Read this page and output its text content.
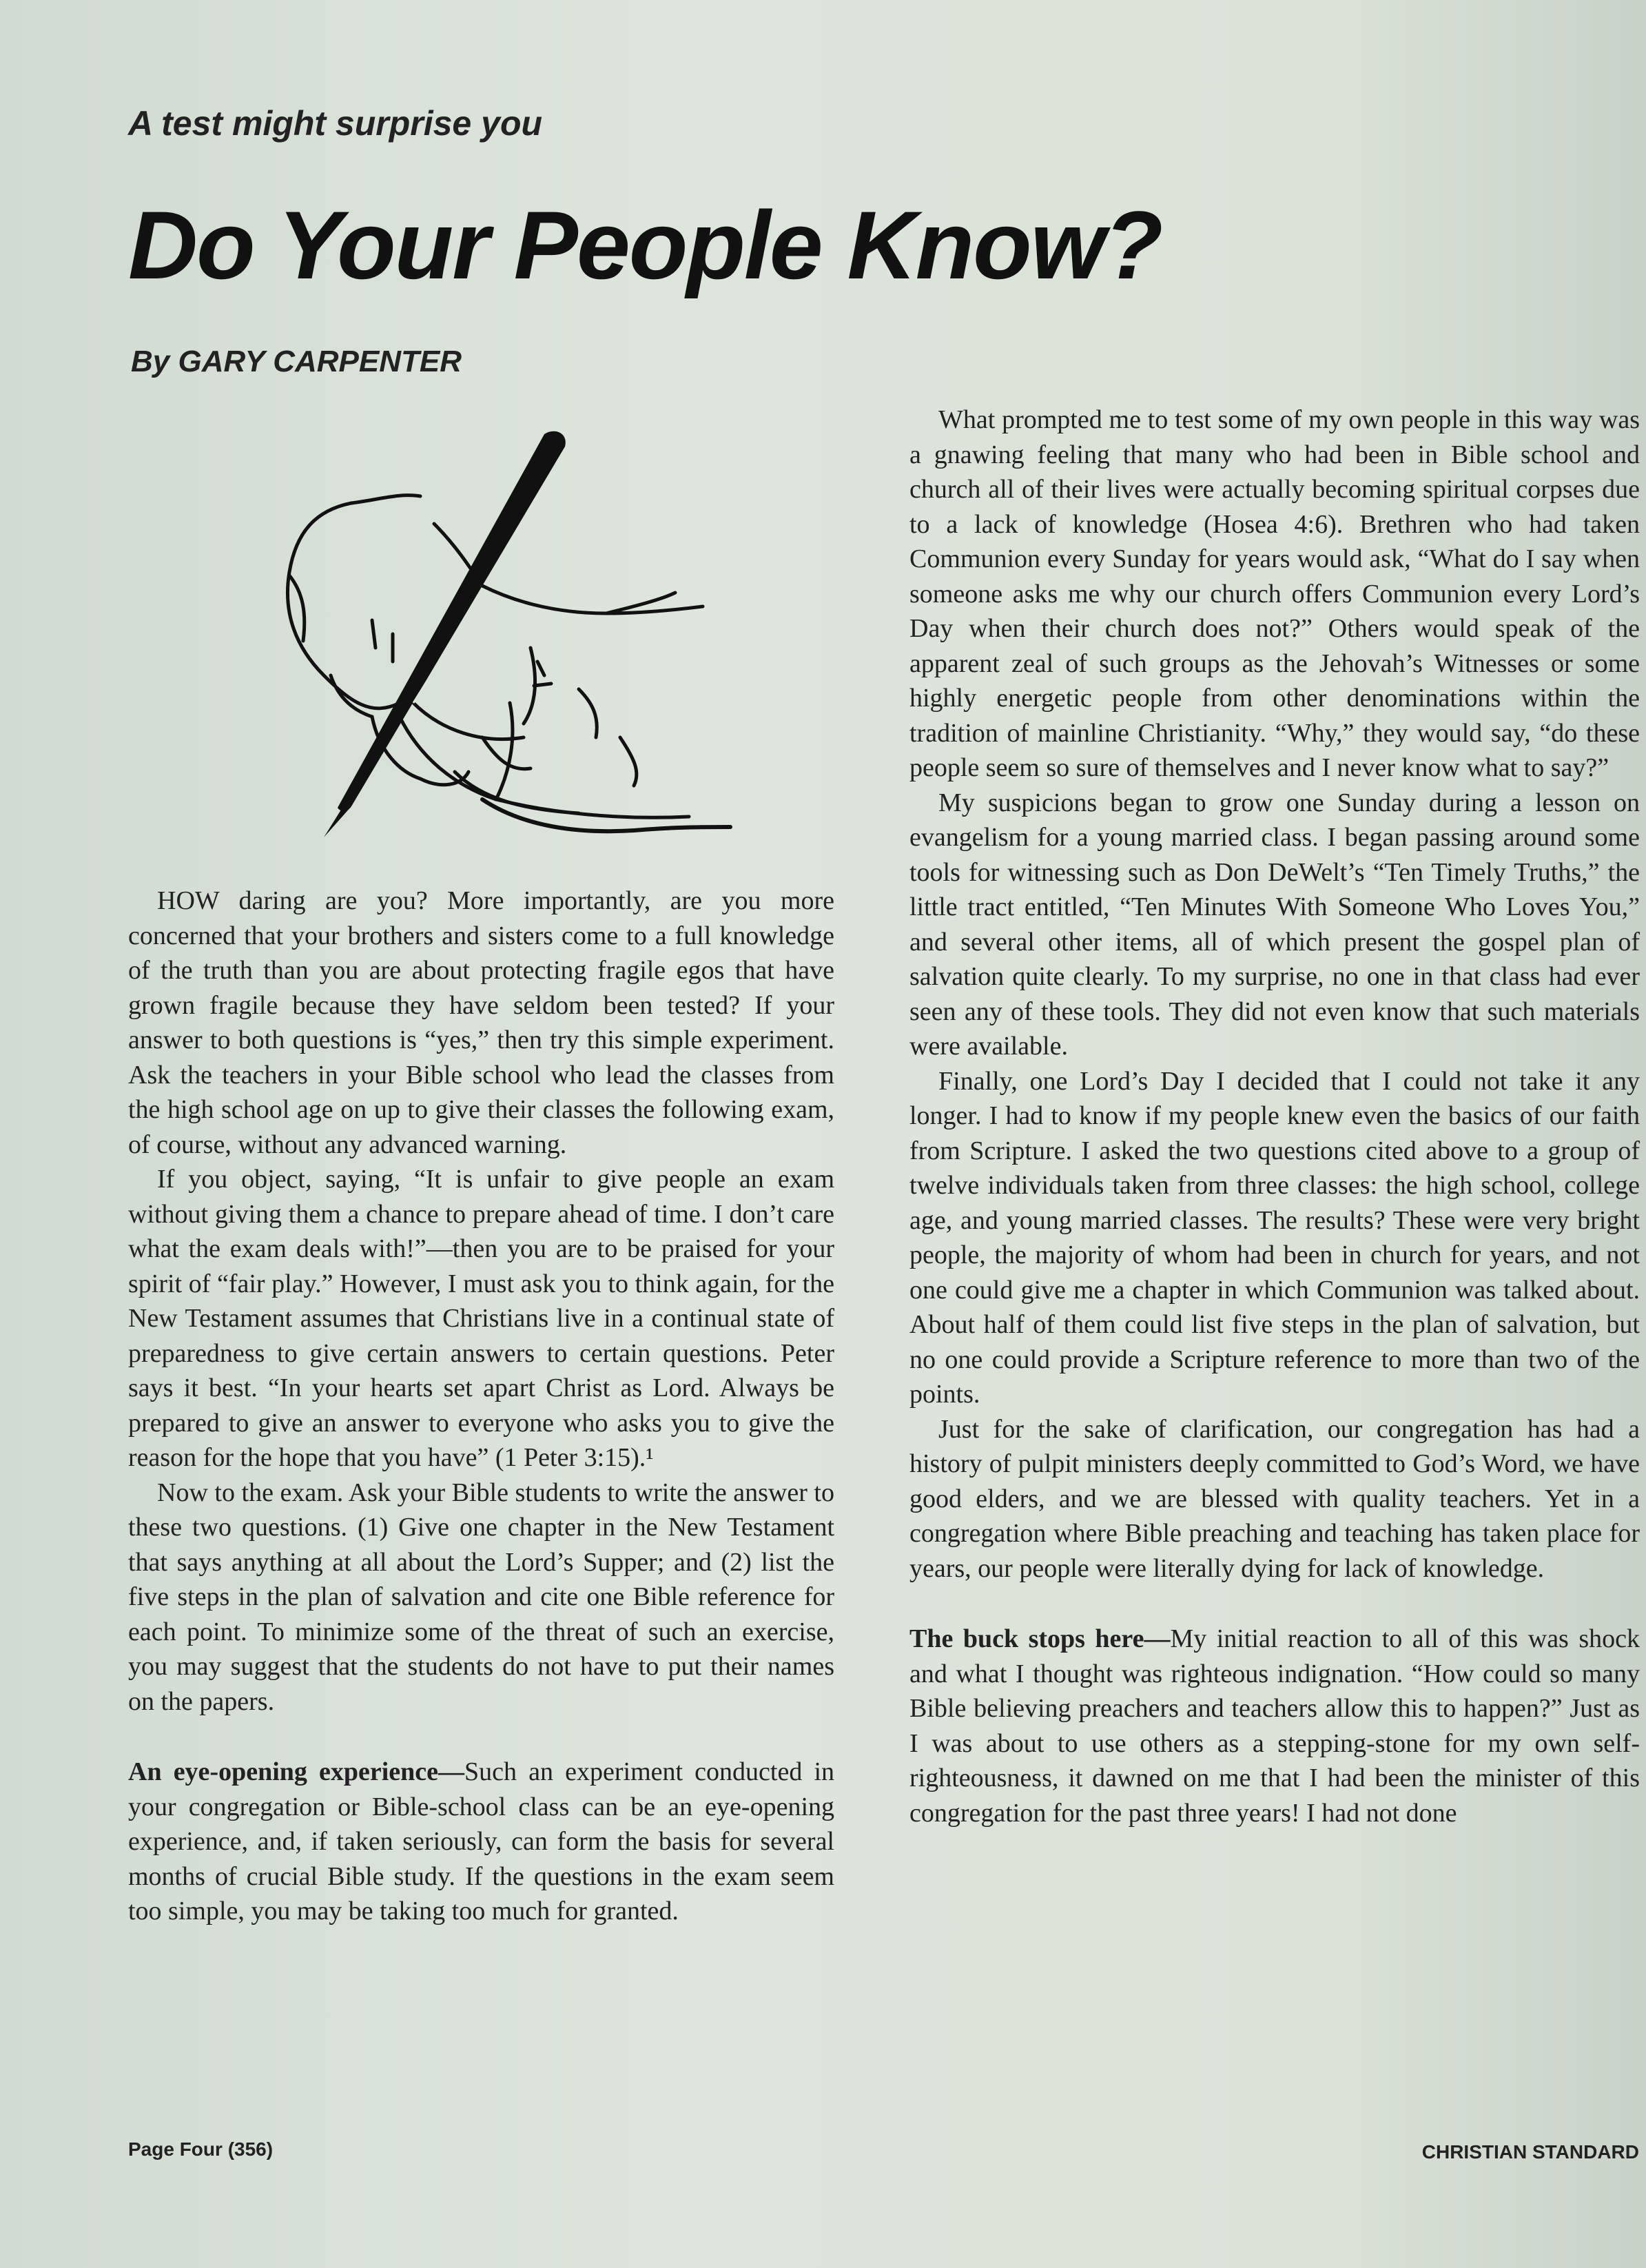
A test might surprise you
Do Your People Know?
By GARY CARPENTER

HOW daring are you? More importantly, are you more concerned that your brothers and sisters come to a full knowledge of the truth than you are about protecting fragile egos that have grown fragile because they have seldom been tested? If your answer to both questions is “yes,” then try this simple experiment. Ask the teachers in your Bible school who lead the classes from the high school age on up to give their classes the following exam, of course, without any advanced warning.

If you object, saying, “It is unfair to give people an exam without giving them a chance to prepare ahead of time. I don’t care what the exam deals with!”—then you are to be praised for your spirit of “fair play.” However, I must ask you to think again, for the New Testament assumes that Christians live in a continual state of preparedness to give certain answers to certain questions. Peter says it best. “In your hearts set apart Christ as Lord. Always be prepared to give an answer to everyone who asks you to give the reason for the hope that you have” (1 Peter 3:15).¹

Now to the exam. Ask your Bible students to write the answer to these two questions. (1) Give one chapter in the New Testament that says anything at all about the Lord’s Supper; and (2) list the five steps in the plan of salvation and cite one Bible reference for each point. To minimize some of the threat of such an exercise, you may suggest that the students do not have to put their names on the papers.

An eye-opening experience—Such an experiment conducted in your congregation or Bible-school class can be an eye-opening experience, and, if taken seriously, can form the basis for several months of crucial Bible study. If the questions in the exam seem too simple, you may be taking too much for granted.

What prompted me to test some of my own people in this way was a gnawing feeling that many who had been in Bible school and church all of their lives were actually becoming spiritual corpses due to a lack of knowledge (Hosea 4:6). Brethren who had taken Communion every Sunday for years would ask, “What do I say when someone asks me why our church offers Communion every Lord’s Day when their church does not?” Others would speak of the apparent zeal of such groups as the Jehovah’s Witnesses or some highly energetic people from other denominations within the tradition of mainline Christianity. “Why,” they would say, “do these people seem so sure of themselves and I never know what to say?”

My suspicions began to grow one Sunday during a lesson on evangelism for a young married class. I began passing around some tools for witnessing such as Don DeWelt’s “Ten Timely Truths,” the little tract entitled, “Ten Minutes With Someone Who Loves You,” and several other items, all of which present the gospel plan of salvation quite clearly. To my surprise, no one in that class had ever seen any of these tools. They did not even know that such materials were available.

Finally, one Lord’s Day I decided that I could not take it any longer. I had to know if my people knew even the basics of our faith from Scripture. I asked the two questions cited above to a group of twelve individuals taken from three classes: the high school, college age, and young married classes. The results? These were very bright people, the majority of whom had been in church for years, and not one could give me a chapter in which Communion was talked about. About half of them could list five steps in the plan of salvation, but no one could provide a Scripture reference to more than two of the points.

Just for the sake of clarification, our congregation has had a history of pulpit ministers deeply committed to God’s Word, we have good elders, and we are blessed with quality teachers. Yet in a congregation where Bible preaching and teaching has taken place for years, our people were literally dying for lack of knowledge.

The buck stops here—My initial reaction to all of this was shock and what I thought was righteous indignation. “How could so many Bible believing preachers and teachers allow this to happen?” Just as I was about to use others as a stepping-stone for my own self-righteousness, it dawned on me that I had been the minister of this congregation for the past three years! I had not done

Page Four (356)	CHRISTIAN STANDARD
